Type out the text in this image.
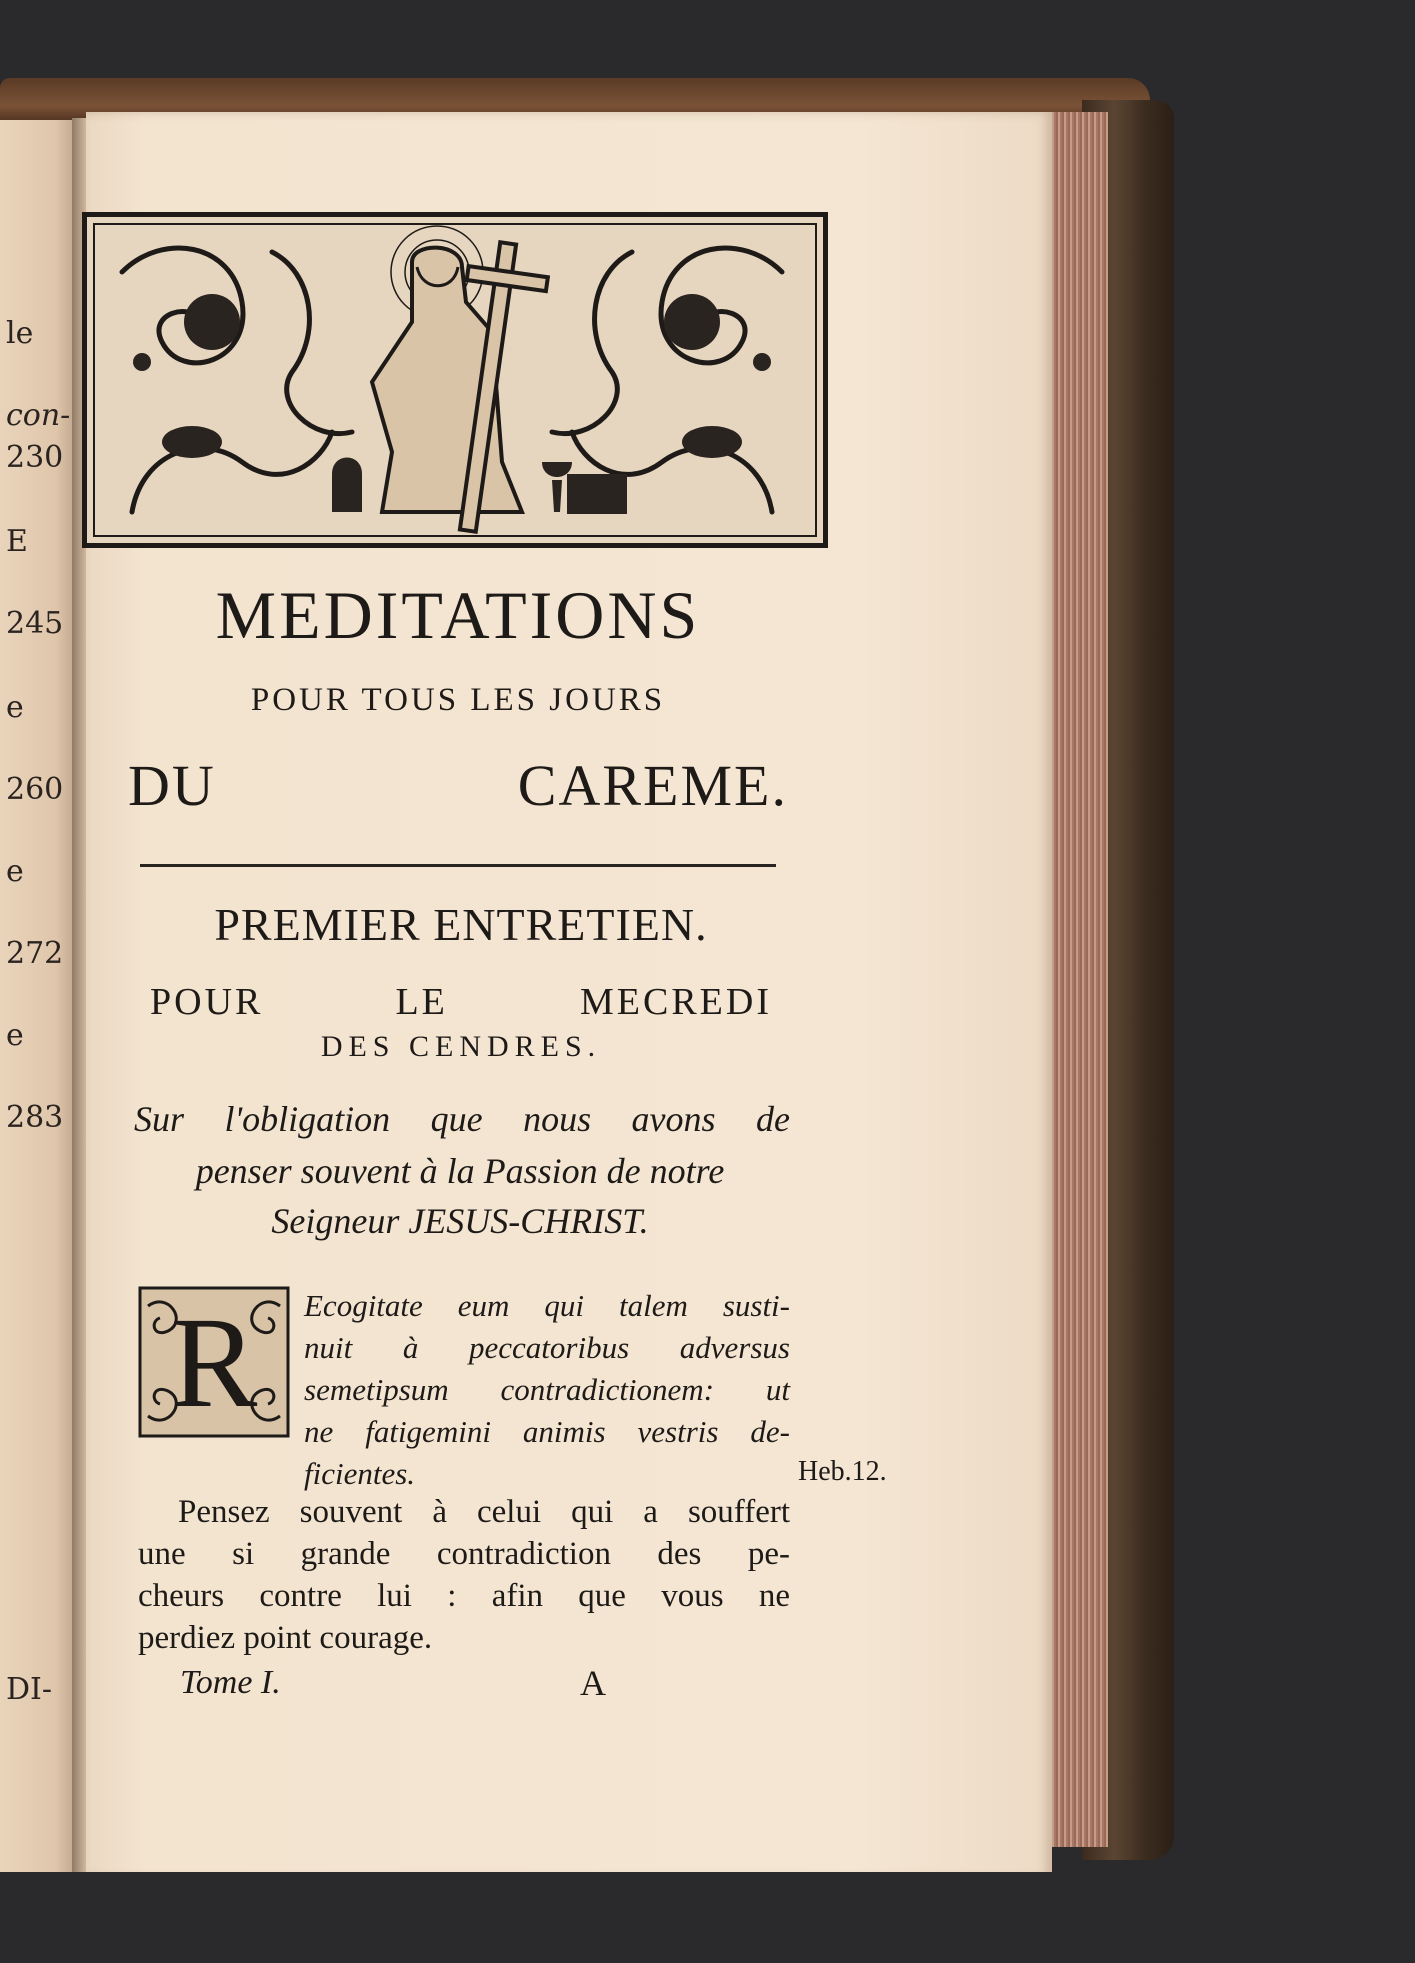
le
con-
230
E
245
e
260
e
272
e
283
DI-
MEDITATIONS
POUR TOUS LES JOURS
DU CAREME.
PREMIER ENTRETIEN.
POUR LE MECREDI
DES CENDRES.
Sur l'obligation que nous avons de
penser souvent à la Passion de notre
Seigneur JESUS-CHRIST.
R Ecogitate eum qui talem susti-
nuit à peccatoribus adversus
semetipsum contradictionem: ut
ne fatigemini animis vestris de-
ficientes.	Heb.12.
Pensez souvent à celui qui a souffert
une si grande contradiction des pe-
cheurs contre lui : afin que vous ne
perdiez point courage.
Tome I.	A
